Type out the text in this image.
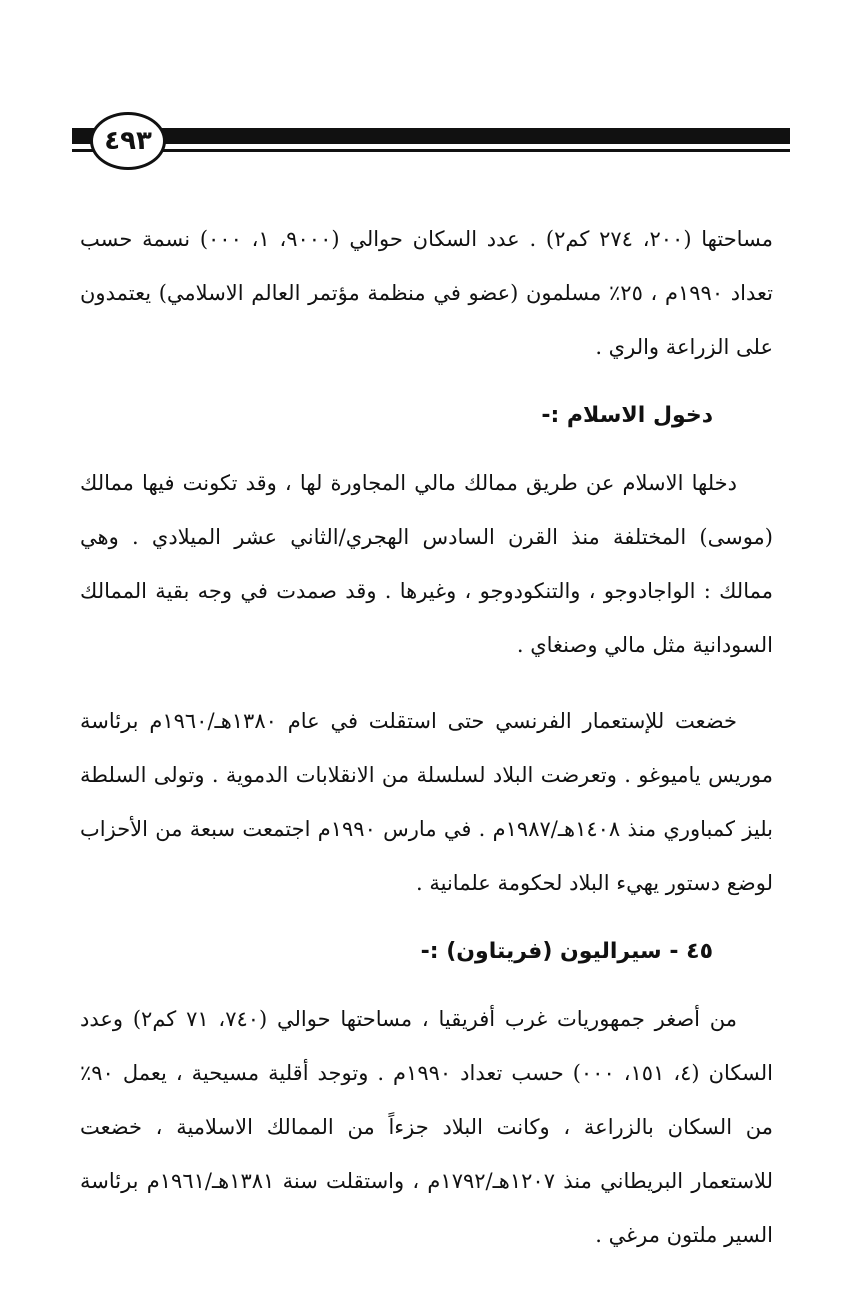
٤٩٣

مساحتها (٢٠٠، ٢٧٤ كم٢) . عدد السكان حوالي (٩٠٠٠، ١، ٠٠٠) نسمة حسب تعداد ١٩٩٠م ، ٢٥٪ مسلمون (عضو في منظمة مؤتمر العالم الاسلامي) يعتمدون على الزراعة والري .

دخول الاسلام :-

دخلها الاسلام عن طريق ممالك مالي المجاورة لها ، وقد تكونت فيها ممالك (موسى) المختلفة منذ القرن السادس الهجري/الثاني عشر الميلادي . وهي ممالك : الواجادوجو ، والتنكودوجو ، وغيرها . وقد صمدت في وجه بقية الممالك السودانية مثل مالي وصنغاي .

خضعت للإستعمار الفرنسي حتى استقلت في عام ١٣٨٠هـ/١٩٦٠م برئاسة موريس ياميوغو . وتعرضت البلاد لسلسلة من الانقلابات الدموية . وتولى السلطة بليز كمباوري منذ ١٤٠٨هـ/١٩٨٧م . في مارس ١٩٩٠م اجتمعت سبعة من الأحزاب لوضع دستور يهيء البلاد لحكومة علمانية .

٤٥ - سيراليون (فريتاون) :-

من أصغر جمهوريات غرب أفريقيا ، مساحتها حوالي (٧٤٠، ٧١ كم٢) وعدد السكان (٤، ١٥١، ٠٠٠) حسب تعداد ١٩٩٠م . وتوجد أقلية مسيحية ، يعمل ٩٠٪ من السكان بالزراعة ، وكانت البلاد جزءاً من الممالك الاسلامية ، خضعت للاستعمار البريطاني منذ ١٢٠٧هـ/١٧٩٢م ، واستقلت سنة ١٣٨١هـ/١٩٦١م برئاسة السير ملتون مرغي .
